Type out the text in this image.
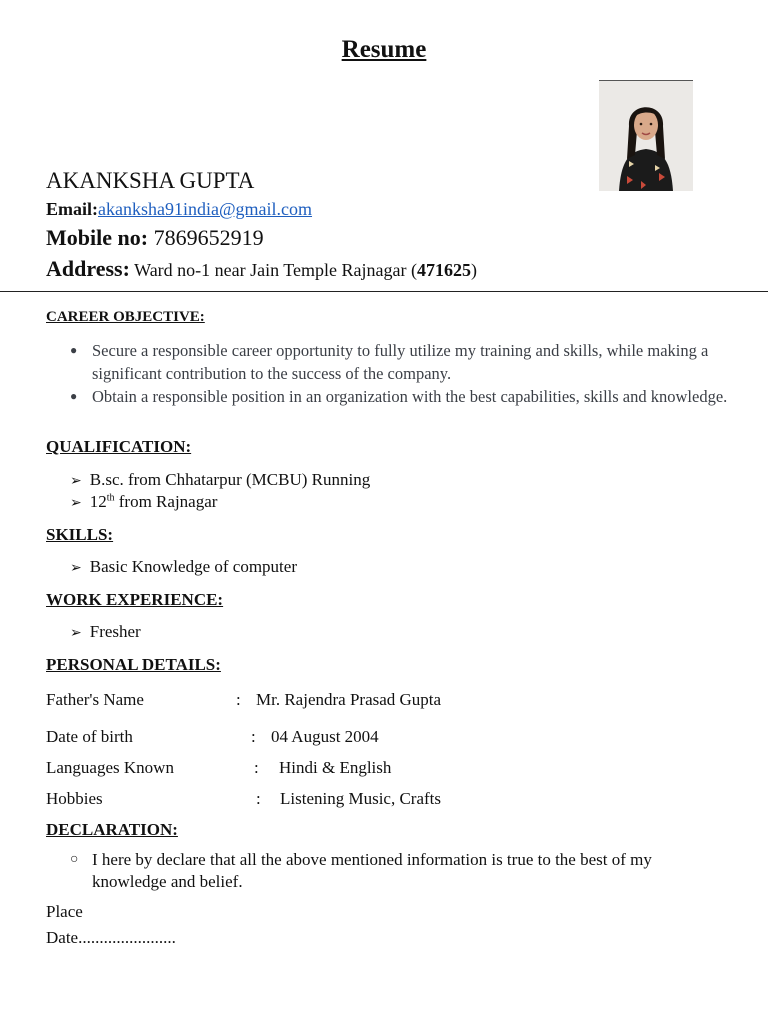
Resume
AKANKSHA GUPTA
Email:akanksha91india@gmail.com
Mobile no: 7869652919
Address: Ward no-1 near Jain Temple Rajnagar (471625)
CAREER OBJECTIVE:
● Secure a responsible career opportunity to fully utilize my training and skills, while making a significant contribution to the success of the company.
● Obtain a responsible position in an organization with the best capabilities, skills and knowledge.
QUALIFICATION:
➢ B.sc. from Chhatarpur (MCBU) Running
➢ 12th from Rajnagar
SKILLS:
➢ Basic Knowledge of computer
WORK EXPERIENCE:
➢ Fresher
PERSONAL DETAILS:
Father's Name	: Mr. Rajendra Prasad Gupta
Date of birth	: 04 August 2004
Languages Known	: Hindi & English
Hobbies	: Listening Music, Crafts
DECLARATION:
○ I here by declare that all the above mentioned information is true to the best of my knowledge and belief.
Place
Date.......................
